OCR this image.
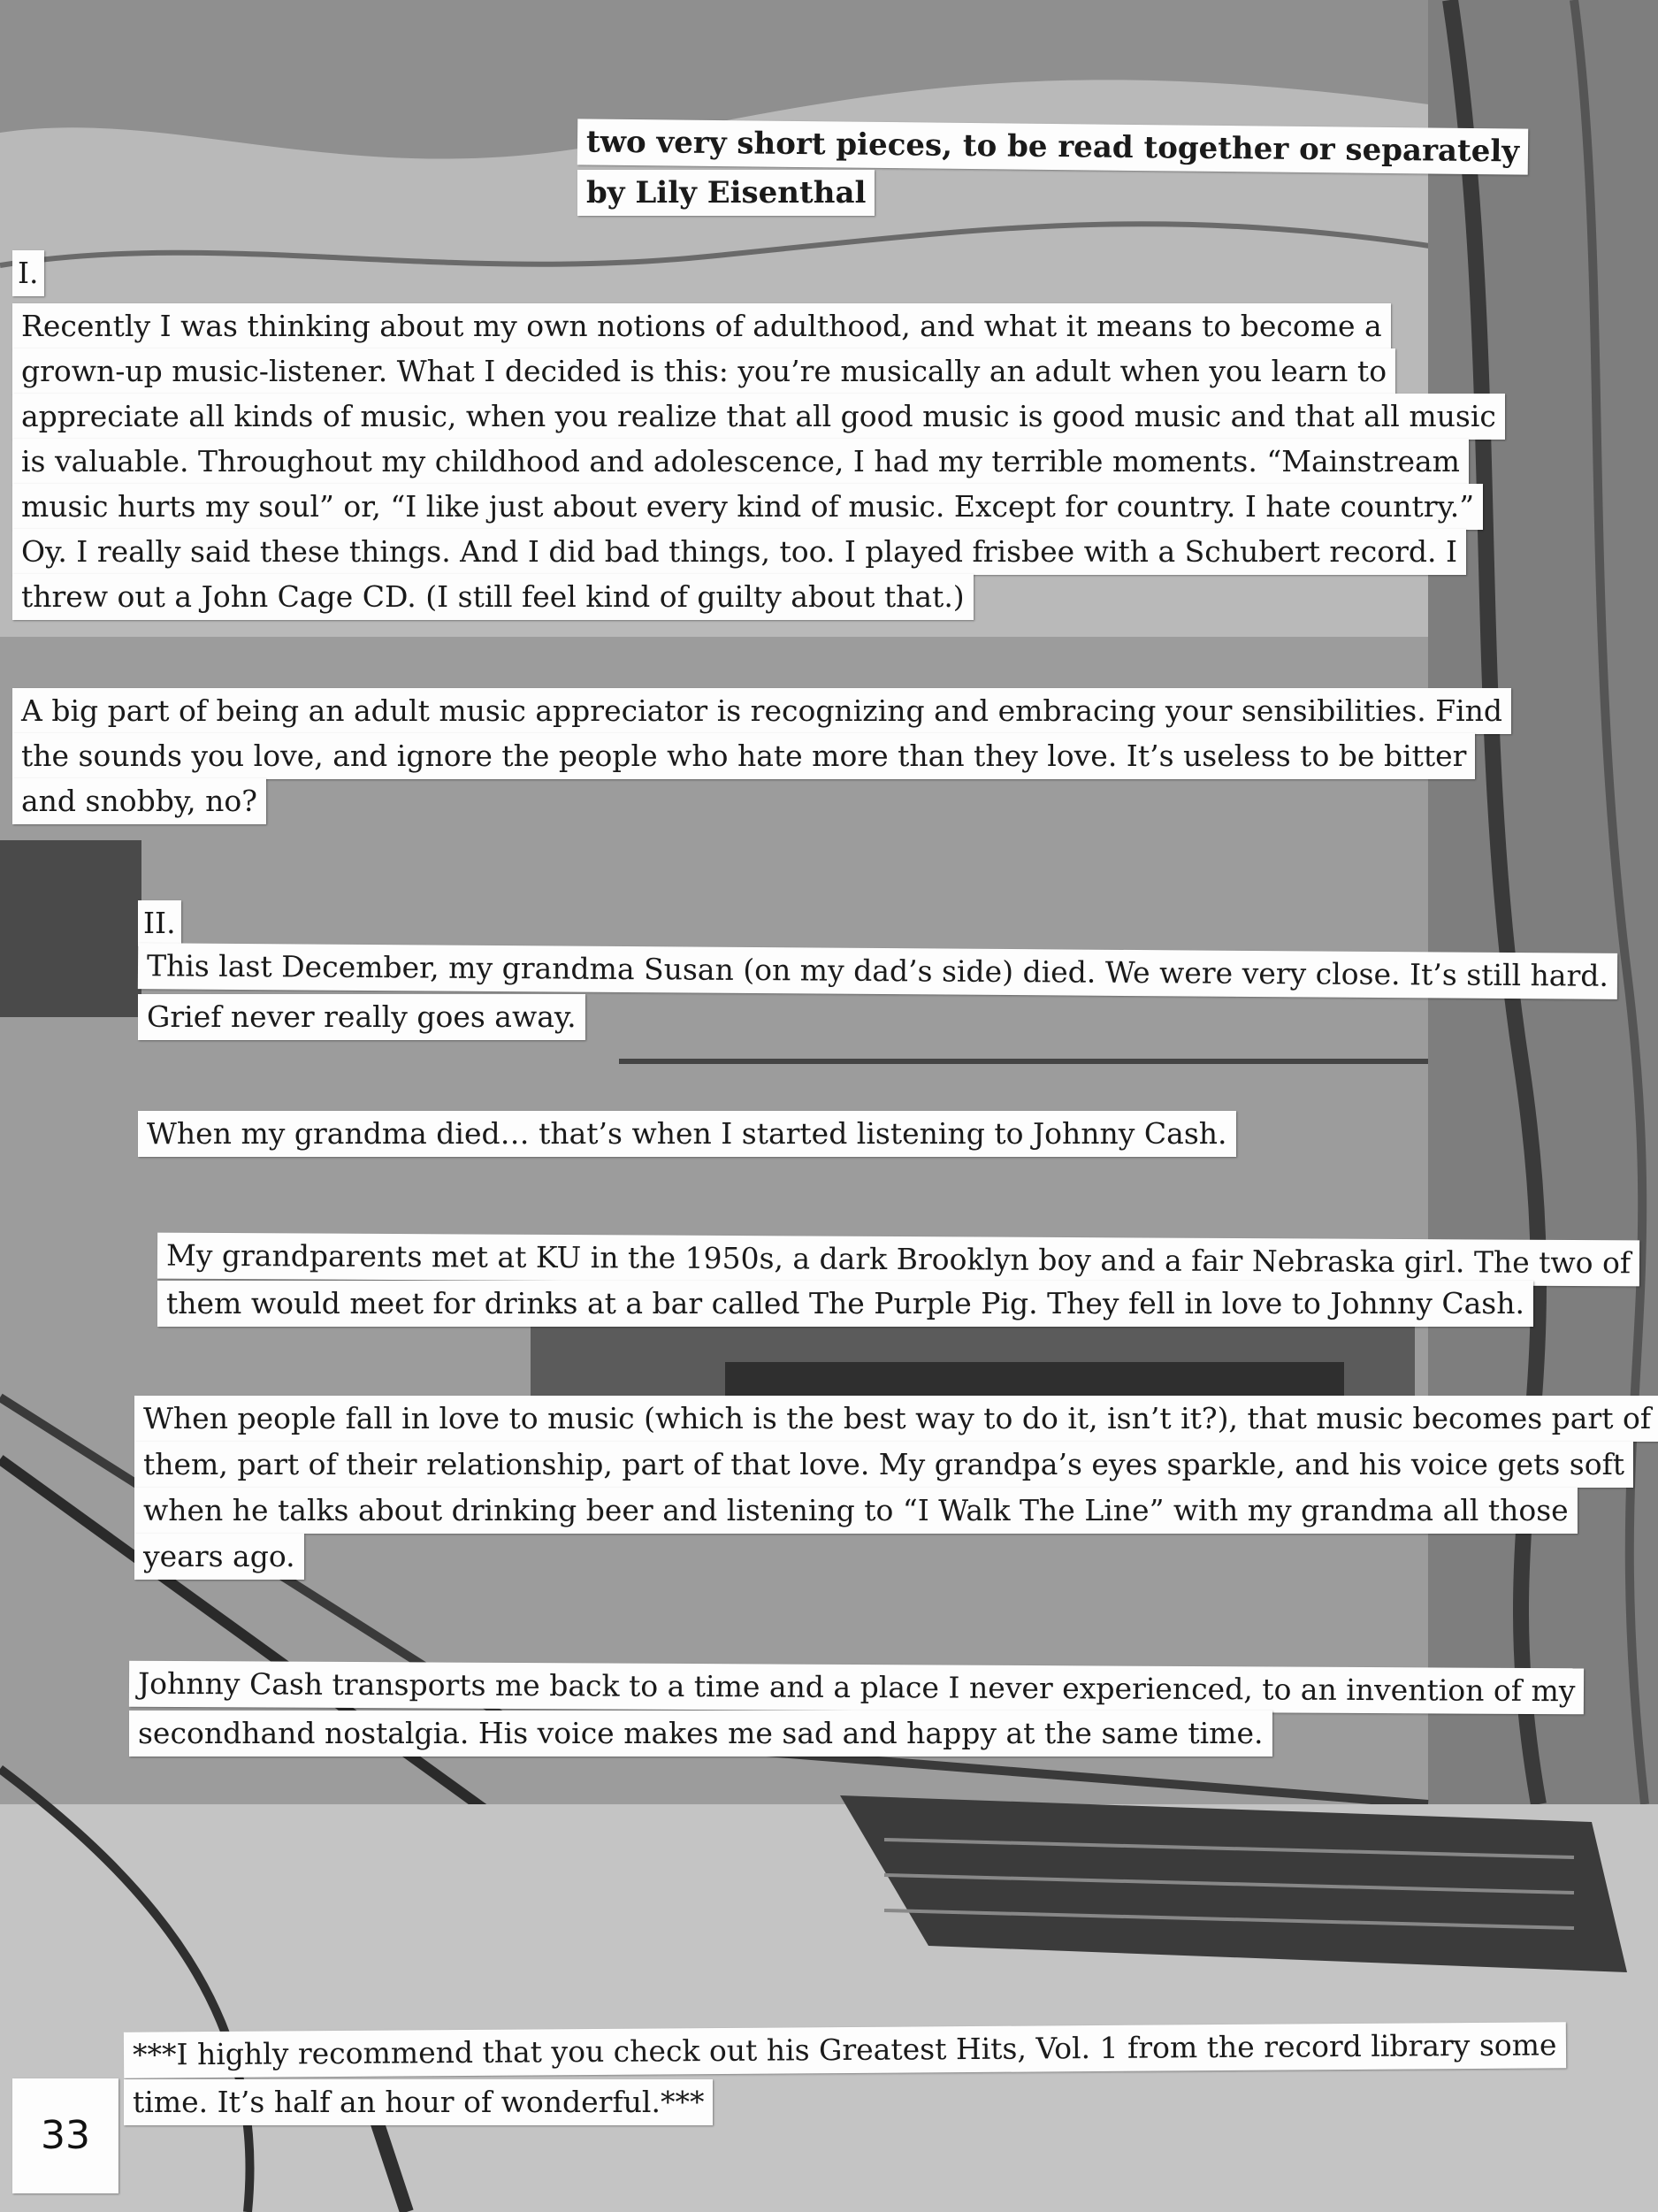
two very short pieces, to be read together or separately
by Lily Eisenthal
I.
Recently I was thinking about my own notions of adulthood, and what it means to become a
grown-up music-listener. What I decided is this: you’re musically an adult when you learn to
appreciate all kinds of music, when you realize that all good music is good music and that all music
is valuable. Throughout my childhood and adolescence, I had my terrible moments. “Mainstream
music hurts my soul” or, “I like just about every kind of music. Except for country. I hate country.”
Oy. I really said these things. And I did bad things, too. I played frisbee with a Schubert record. I
threw out a John Cage CD. (I still feel kind of guilty about that.)
A big part of being an adult music appreciator is recognizing and embracing your sensibilities. Find
the sounds you love, and ignore the people who hate more than they love. It’s useless to be bitter
and snobby, no?
II.
This last December, my grandma Susan (on my dad’s side) died. We were very close. It’s still hard.
Grief never really goes away.
When my grandma died… that’s when I started listening to Johnny Cash.
My grandparents met at KU in the 1950s, a dark Brooklyn boy and a fair Nebraska girl. The two of
them would meet for drinks at a bar called The Purple Pig. They fell in love to Johnny Cash.
When people fall in love to music (which is the best way to do it, isn’t it?), that music becomes part of
them, part of their relationship, part of that love. My grandpa’s eyes sparkle, and his voice gets soft
when he talks about drinking beer and listening to “I Walk The Line” with my grandma all those
years ago.
Johnny Cash transports me back to a time and a place I never experienced, to an invention of my
secondhand nostalgia. His voice makes me sad and happy at the same time.
***I highly recommend that you check out his Greatest Hits, Vol. 1 from the record library some
time. It’s half an hour of wonderful.***
33
